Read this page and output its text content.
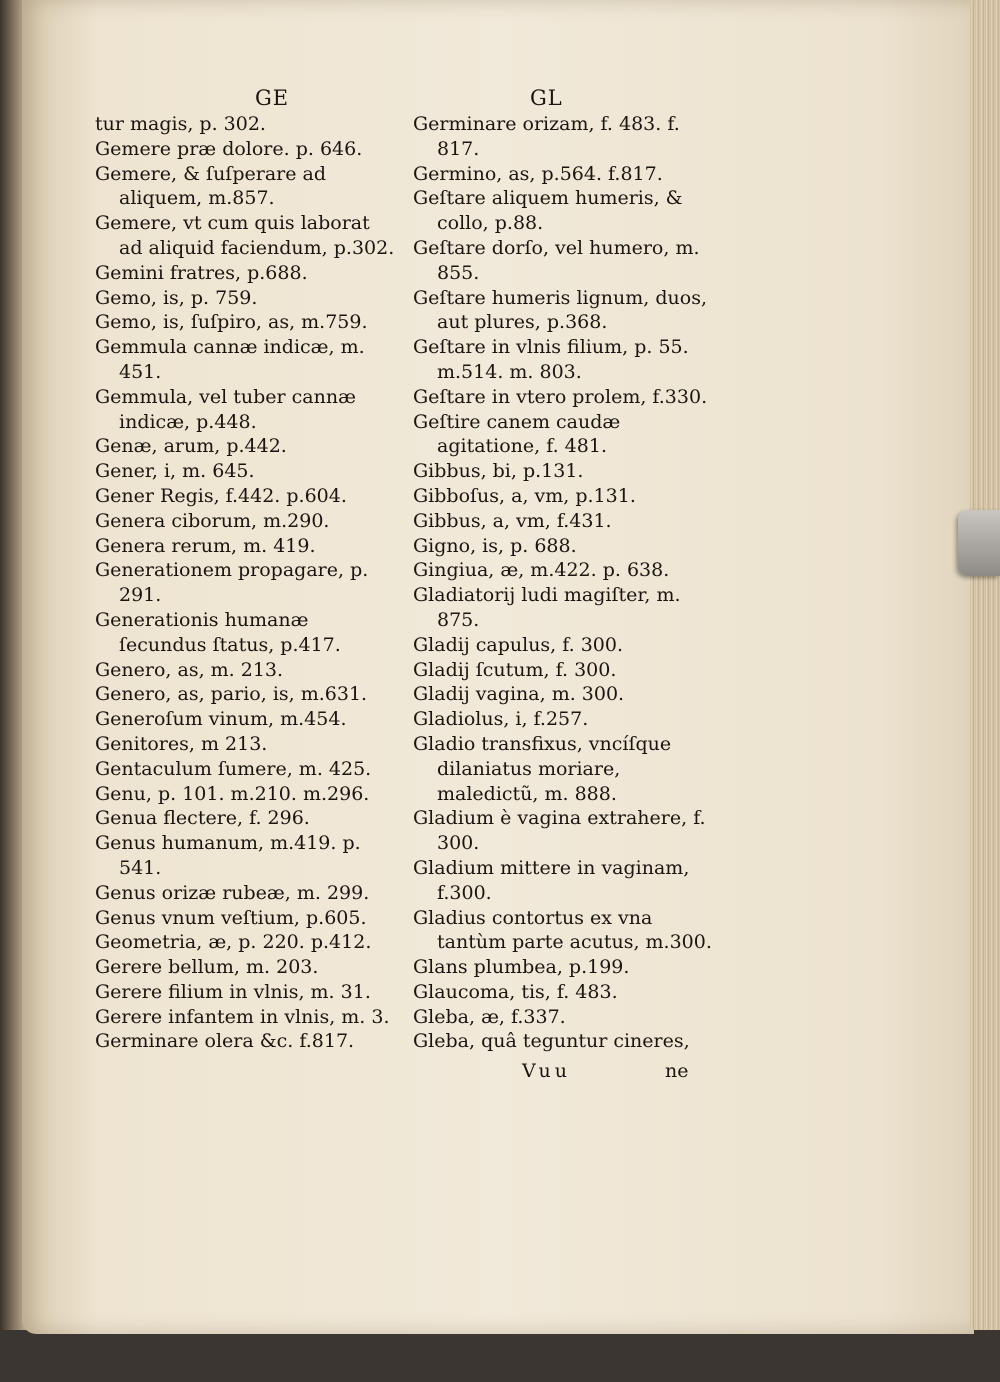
GE	GL

tur magis, p. 302.

Gemere præ dolore. p. 646.

Gemere, & ſuſperare ad aliquem, m.857.

Gemere, vt cum quis laborat ad aliquid faciendum, p.302.

Gemini fratres, p.688.

Gemo, is, p. 759.

Gemo, is, ſuſpiro, as, m.759.

Gemmula cannæ indicæ, m. 451.

Gemmula, vel tuber cannæ indicæ, p.448.

Genæ, arum, p.442.

Gener, i, m. 645.

Gener Regis, f.442. p.604.

Genera ciborum, m.290.

Genera rerum, m. 419.

Generationem propagare, p. 291.

Generationis humanæ ſecundus ſtatus, p.417.

Genero, as, m. 213.

Genero, as, pario, is, m.631.

Generoſum vinum, m.454.

Genitores, m 213.

Gentaculum ſumere, m. 425.

Genu, p. 101. m.210. m.296.

Genua flectere, f. 296.

Genus humanum, m.419. p. 541.

Genus orizæ rubeæ, m. 299.

Genus vnum veſtium, p.605.

Geometria, æ, p. 220. p.412.

Gerere bellum, m. 203.

Gerere filium in vlnis, m. 31.

Gerere infantem in vlnis, m. 3.

Germinare olera &c. f.817.

Germinare orizam, f. 483. f. 817.

Germino, as, p.564. f.817.

Geſtare aliquem humeris, & collo, p.88.

Geſtare dorſo, vel humero, m. 855.

Geſtare humeris lignum, duos, aut plures, p.368.

Geſtare in vlnis filium, p. 55. m.514. m. 803.

Geſtare in vtero prolem, f.330.

Geſtire canem caudæ agitatione, f. 481.

Gibbus, bi, p.131.

Gibboſus, a, vm, p.131.

Gibbus, a, vm, f.431.

Gigno, is, p. 688.

Gingiua, æ, m.422. p. 638.

Gladiatorij ludi magiſter, m. 875.

Gladij capulus, f. 300.

Gladij ſcutum, f. 300.

Gladij vagina, m. 300.

Gladiolus, i, f.257.

Gladio transfixus, vncíſque dilaniatus moriare, maledictũ, m. 888.

Gladium è vagina extrahere, f. 300.

Gladium mittere in vaginam, f.300.

Gladius contortus ex vna tantùm parte acutus, m.300.

Glans plumbea, p.199.

Glaucoma, tis, f. 483.

Gleba, æ, f.337.

Gleba, quâ teguntur cineres,

Vuu	ne
